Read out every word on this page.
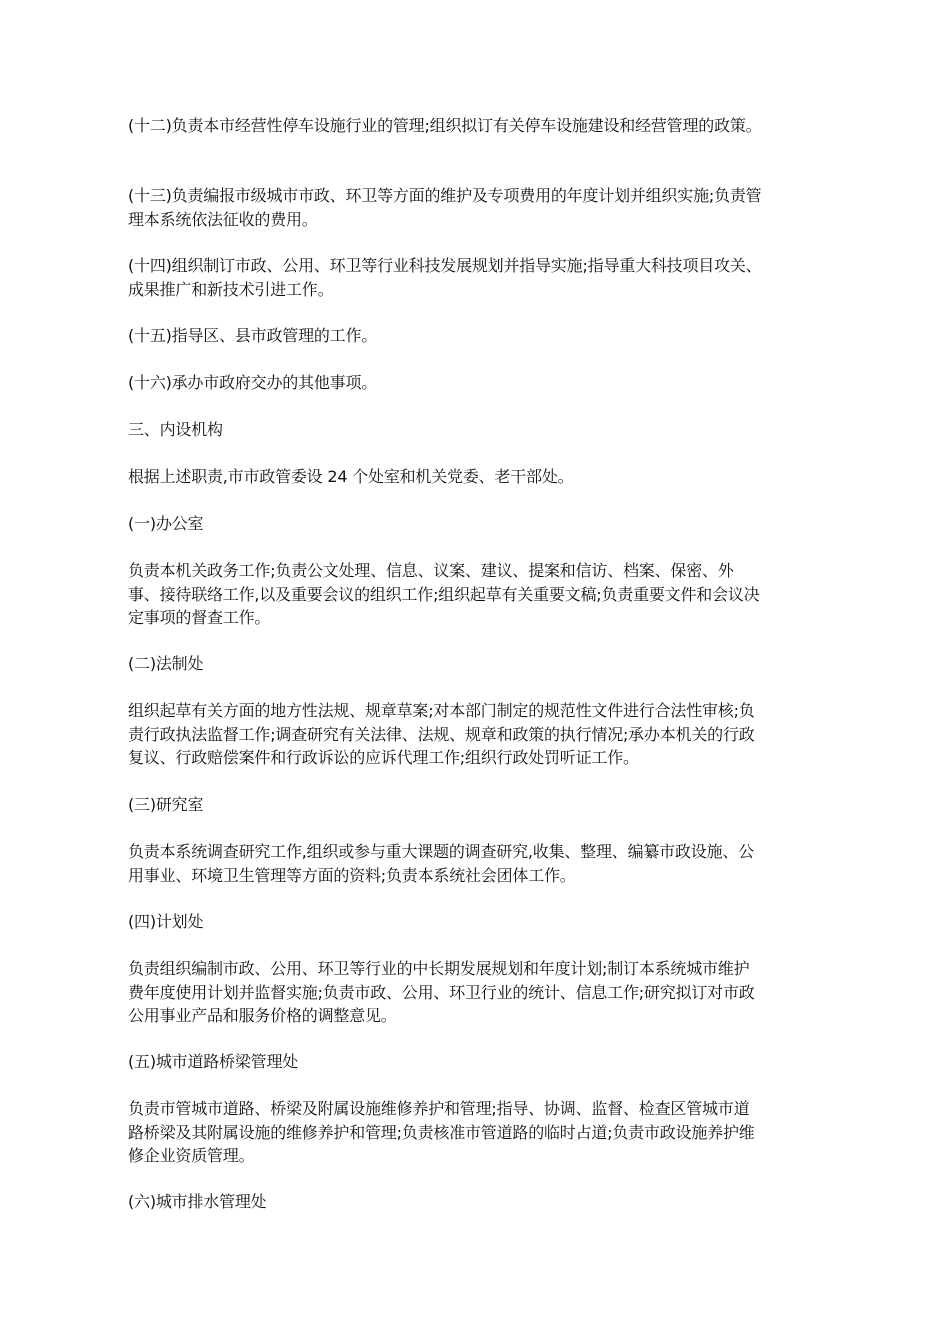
(十二)负责本市经营性停车设施行业的管理;组织拟订有关停车设施建设和经营管理的政策。

(十三)负责编报市级城市市政、环卫等方面的维护及专项费用的年度计划并组织实施;负责管
理本系统依法征收的费用。

(十四)组织制订市政、公用、环卫等行业科技发展规划并指导实施;指导重大科技项目攻关、
成果推广和新技术引进工作。

(十五)指导区、县市政管理的工作。

(十六)承办市政府交办的其他事项。

三、内设机构

根据上述职责,市市政管委设 24 个处室和机关党委、老干部处。

(一)办公室

负责本机关政务工作;负责公文处理、信息、议案、建议、提案和信访、档案、保密、外
事、接待联络工作,以及重要会议的组织工作;组织起草有关重要文稿;负责重要文件和会议决
定事项的督查工作。

(二)法制处

组织起草有关方面的地方性法规、规章草案;对本部门制定的规范性文件进行合法性审核;负
责行政执法监督工作;调查研究有关法律、法规、规章和政策的执行情况;承办本机关的行政
复议、行政赔偿案件和行政诉讼的应诉代理工作;组织行政处罚听证工作。

(三)研究室

负责本系统调查研究工作,组织或参与重大课题的调查研究,收集、整理、编纂市政设施、公
用事业、环境卫生管理等方面的资料;负责本系统社会团体工作。

(四)计划处

负责组织编制市政、公用、环卫等行业的中长期发展规划和年度计划;制订本系统城市维护
费年度使用计划并监督实施;负责市政、公用、环卫行业的统计、信息工作;研究拟订对市政
公用事业产品和服务价格的调整意见。

(五)城市道路桥梁管理处

负责市管城市道路、桥梁及附属设施维修养护和管理;指导、协调、监督、检查区管城市道
路桥梁及其附属设施的维修养护和管理;负责核准市管道路的临时占道;负责市政设施养护维
修企业资质管理。

(六)城市排水管理处
